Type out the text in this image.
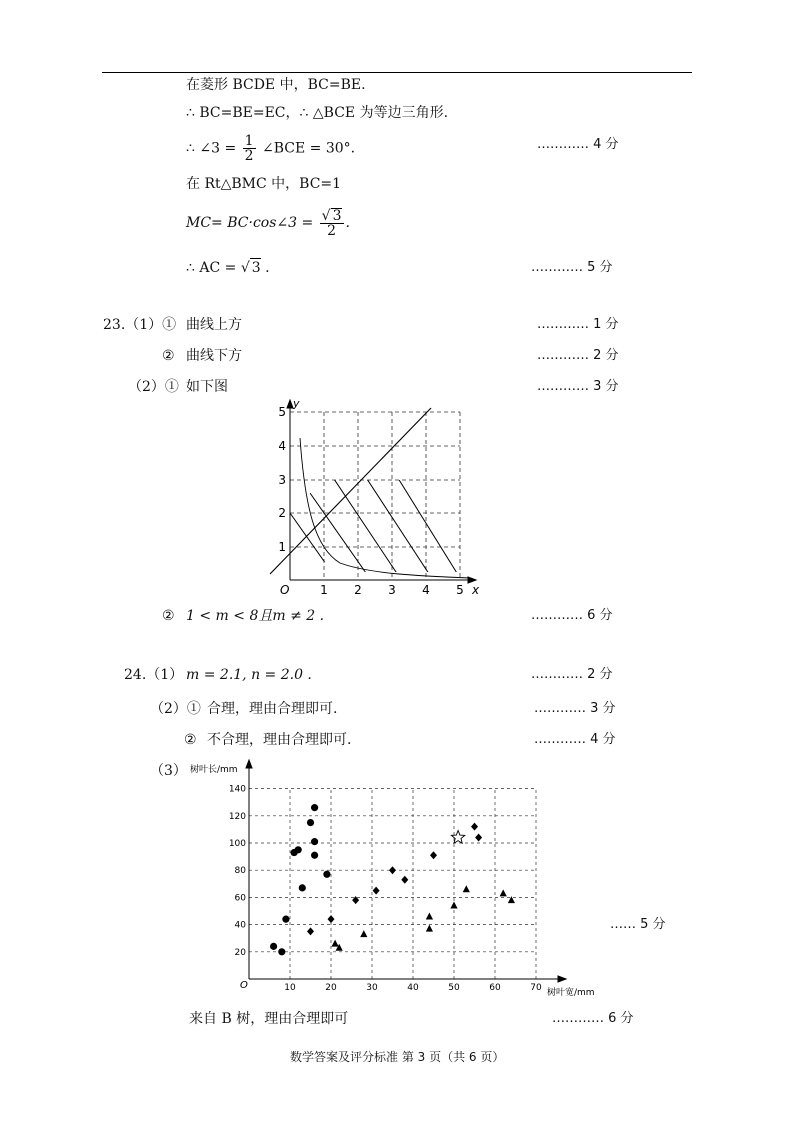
在菱形 BCDE 中，BC=BE.
∴ BC=BE=EC，∴ △BCE 为等边三角形.
∴ ∠3 = $\frac{1}{2}$ ∠BCE = 30°.	………… 4 分
在 Rt△BMC 中，BC=1
MC= BC·cos∠3 = $\frac{√ 3}{2}$ .
∴ AC = √ 3 .	………… 5 分
23.（1）① 曲线上方	………… 1 分
② 曲线下方	………… 2 分
（2）① 如下图	………… 3 分
O	x
y
1 2 3 4 5
1
2
3
4
5
② 1 < m < 8且m ≠ 2 .	………… 6 分
24.（1） m = 2.1, n = 2.0 .	………… 2 分
（2）① 合理，理由合理即可.	………… 3 分
② 不合理，理由合理即可.	………… 4 分
（3） 树叶长/mm
树叶宽/mm
O	10	20	30	40	50	60	70
20
40
60
80
100
120
140
…… 5 分
来自 B 树，理由合理即可	………… 6 分
数学答案及评分标准 第 3 页（共 6 页）
